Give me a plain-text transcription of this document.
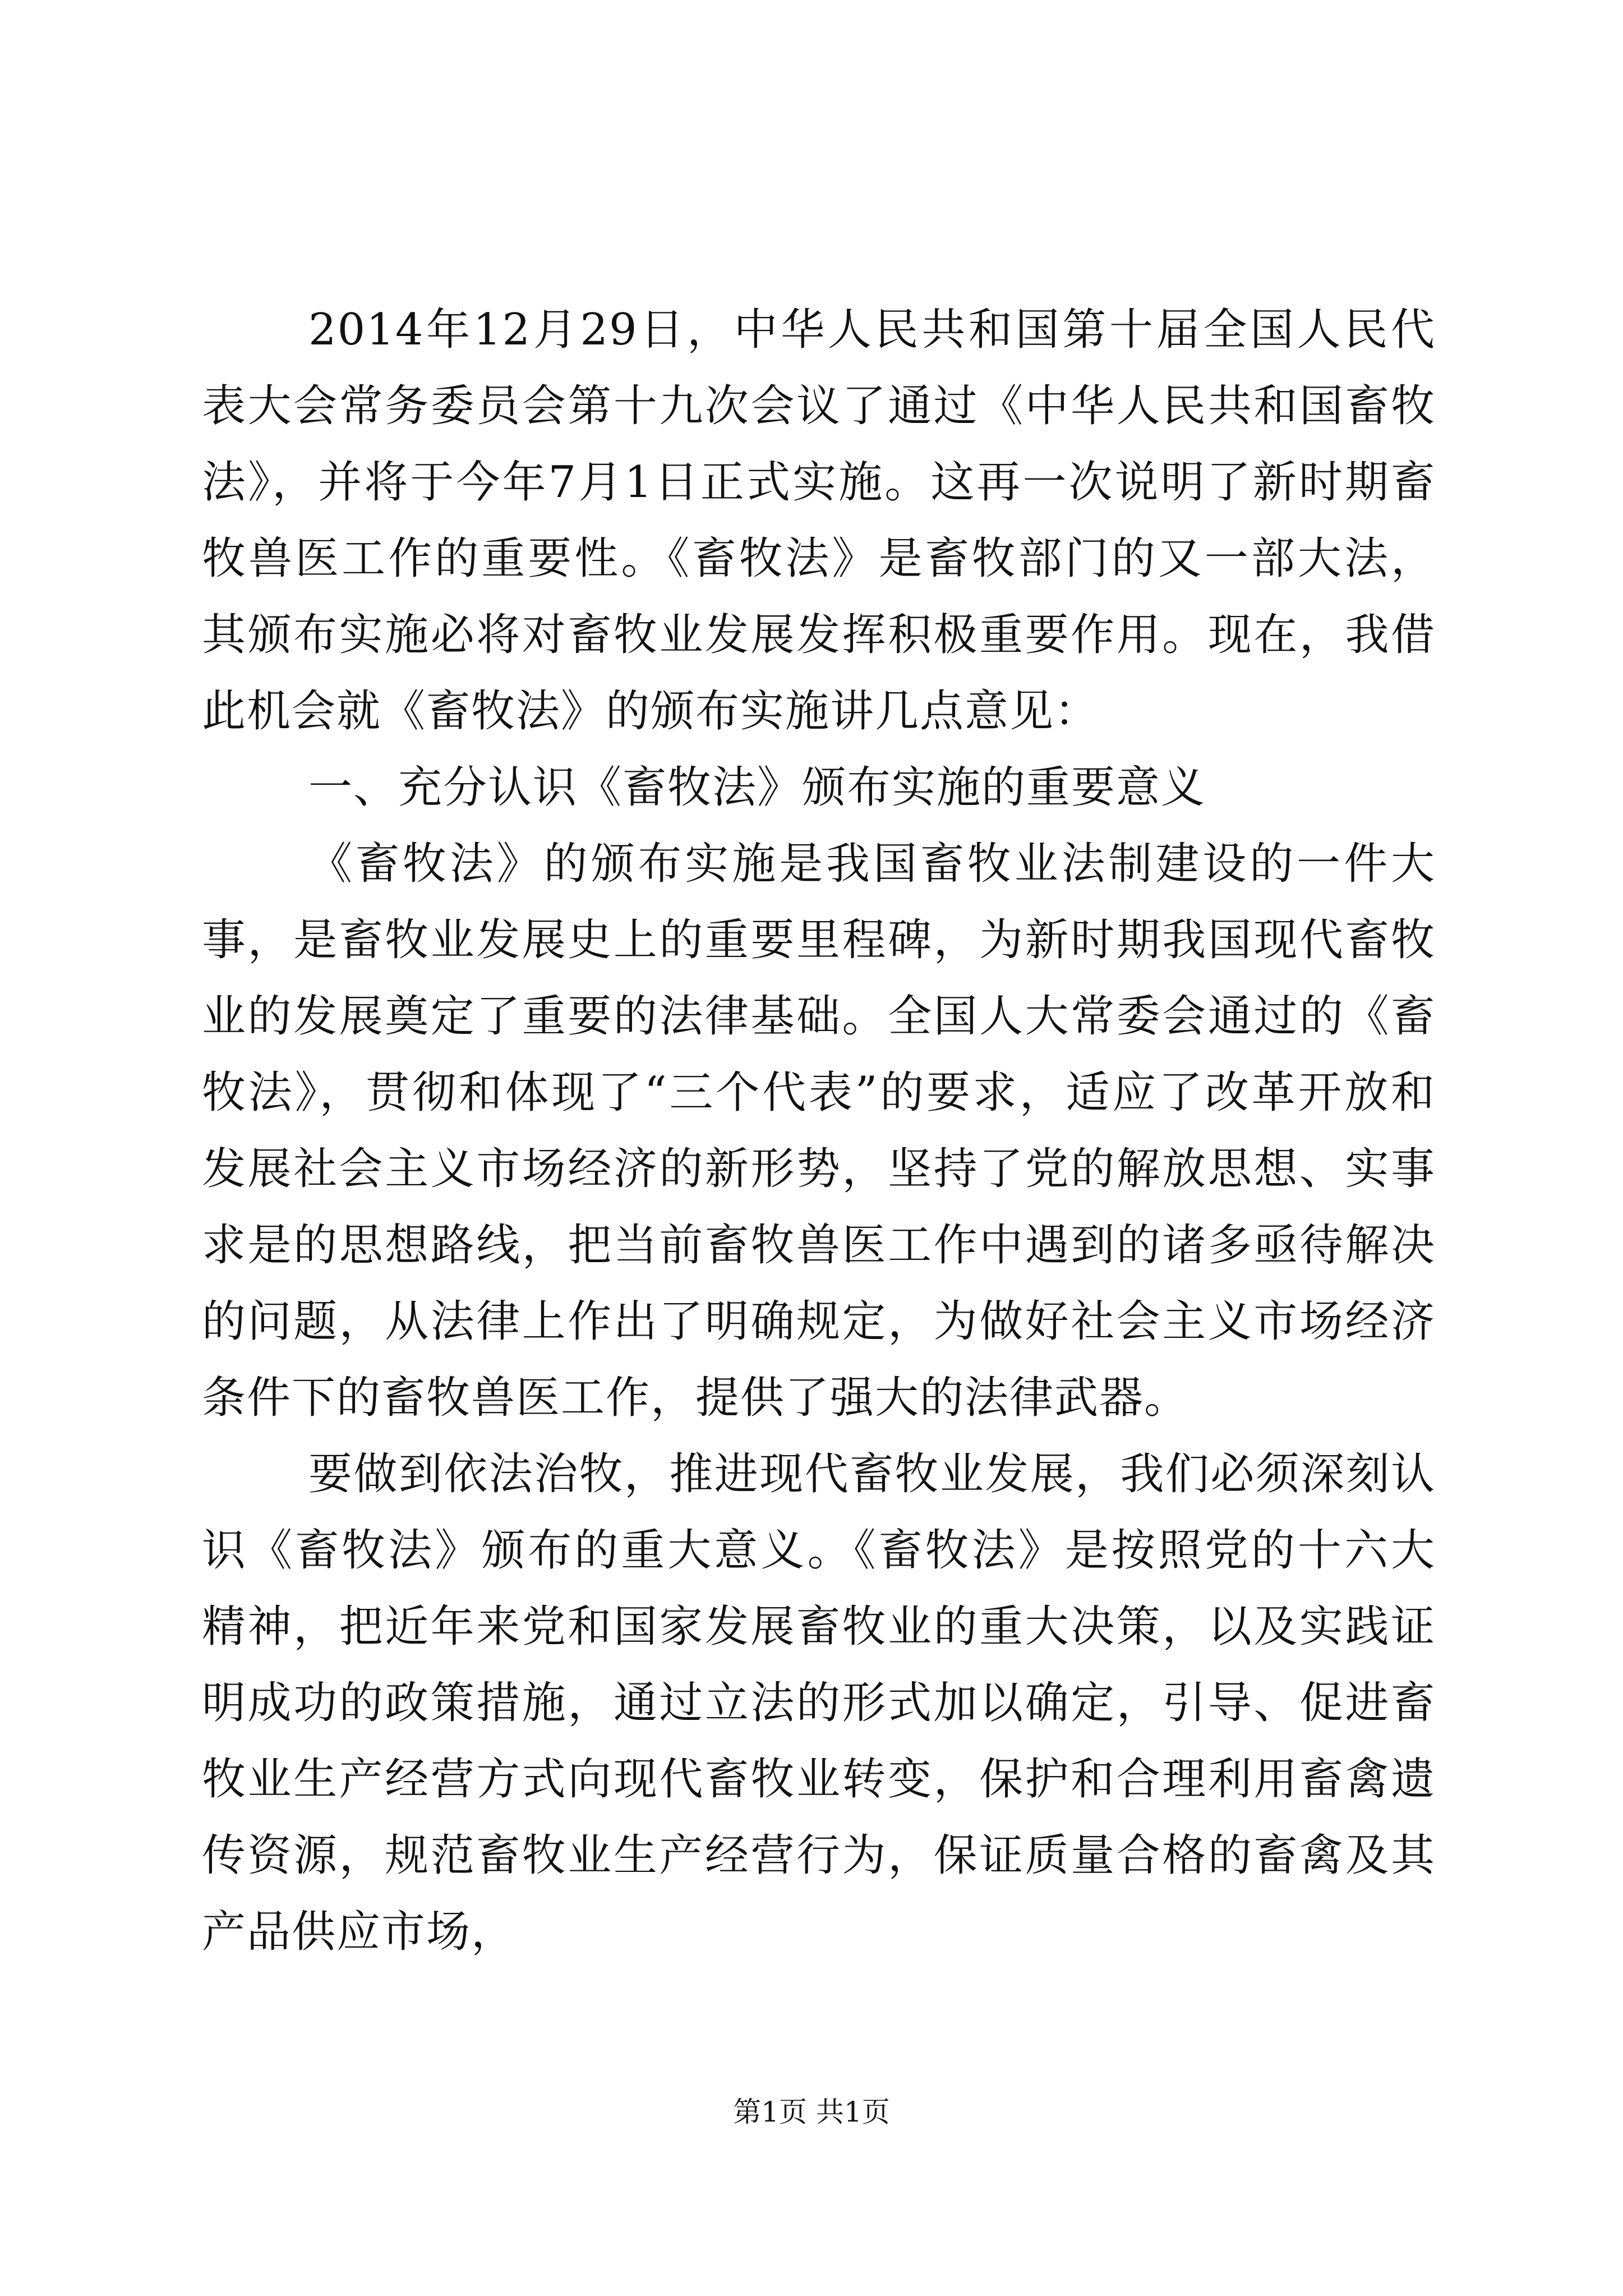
2014年12月29日，中华人民共和国第十届全国人民代表大会常务委员会第十九次会议了通过《中华人民共和国畜牧法》，并将于今年7月1日正式实施。这再一次说明了新时期畜牧兽医工作的重要性。《畜牧法》是畜牧部门的又一部大法，其颁布实施必将对畜牧业发展发挥积极重要作用。现在，我借此机会就《畜牧法》的颁布实施讲几点意见：

一、充分认识《畜牧法》颁布实施的重要意义

《畜牧法》的颁布实施是我国畜牧业法制建设的一件大事，是畜牧业发展史上的重要里程碑，为新时期我国现代畜牧业的发展奠定了重要的法律基础。全国人大常委会通过的《畜牧法》，贯彻和体现了“三个代表”的要求，适应了改革开放和发展社会主义市场经济的新形势，坚持了党的解放思想、实事求是的思想路线，把当前畜牧兽医工作中遇到的诸多亟待解决的问题，从法律上作出了明确规定，为做好社会主义市场经济条件下的畜牧兽医工作，提供了强大的法律武器。

要做到依法治牧，推进现代畜牧业发展，我们必须深刻认识《畜牧法》颁布的重大意义。《畜牧法》是按照党的十六大精神，把近年来党和国家发展畜牧业的重大决策，以及实践证明成功的政策措施，通过立法的形式加以确定，引导、促进畜牧业生产经营方式向现代畜牧业转变，保护和合理利用畜禽遗传资源，规范畜牧业生产经营行为，保证质量合格的畜禽及其产品供应市场，

第1页 共1页
